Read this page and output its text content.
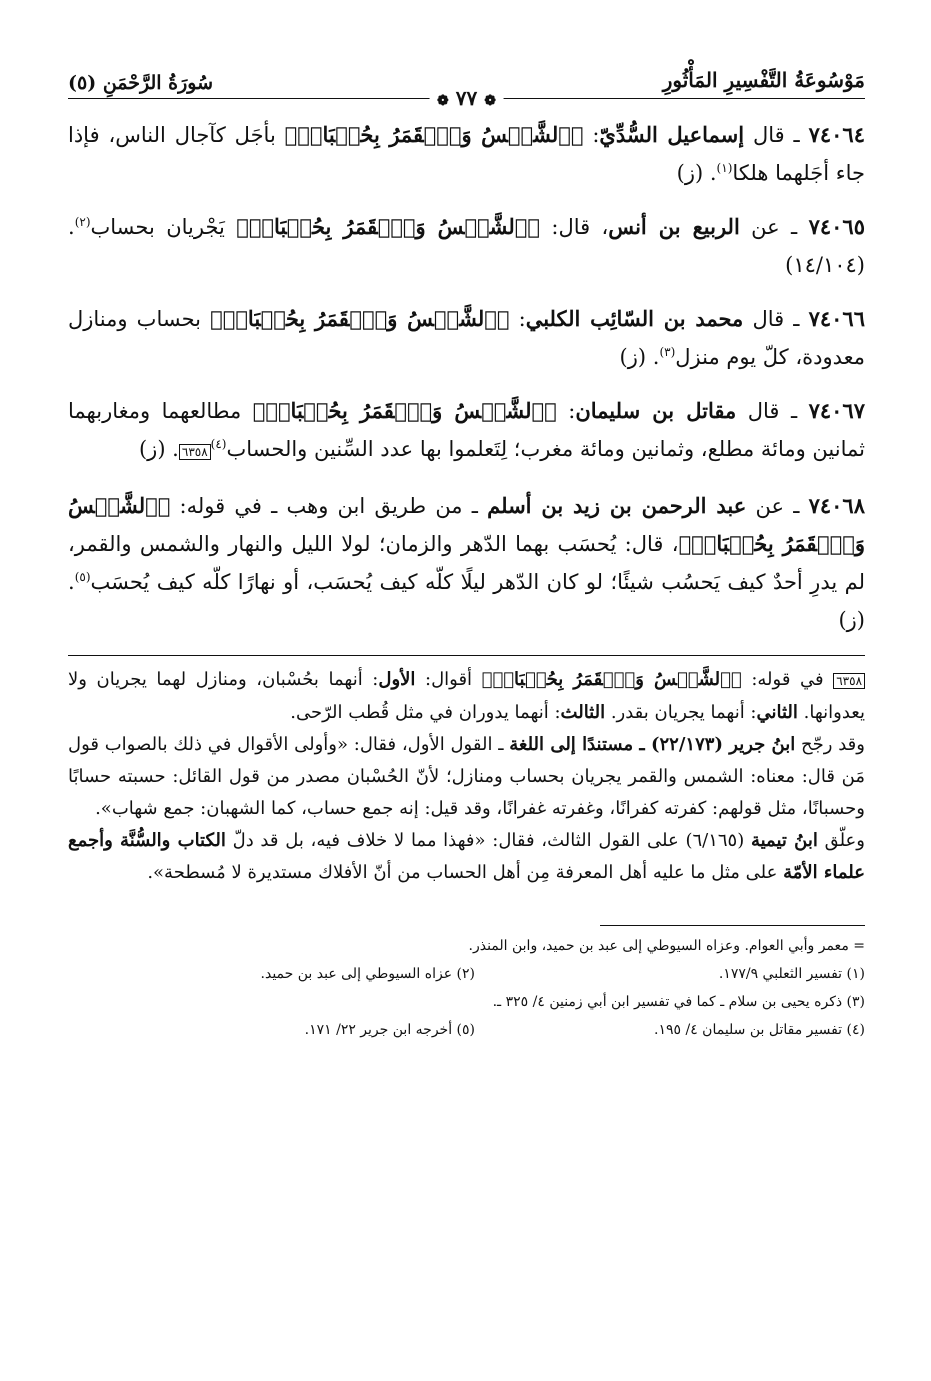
مَوْسُوعَةُ التَّفْسِيرِ المَأْثُورِ
سُورَةُ الرَّحْمَنِ (٥)
❁ ٧٧ ❁
٧٤٠٦٤ ـ قال إسماعيل السُّدِّيّ: ﴿ٱلشَّمۡسُ وَٱلۡقَمَرُ بِحُسۡبَانٖ﴾ بأجَل كآجال الناس، فإذا جاء أجَلهما هلكا$^{(١)}$. (ز)
٧٤٠٦٥ ـ عن الربيع بن أنس، قال: ﴿ٱلشَّمۡسُ وَٱلۡقَمَرُ بِحُسۡبَانٖ﴾ يَجْريان بحساب$^{(٢)}$. (١٤/١٠٤)
٧٤٠٦٦ ـ قال محمد بن السّائِب الكلبي: ﴿ٱلشَّمۡسُ وَٱلۡقَمَرُ بِحُسۡبَانٖ﴾ بحساب ومنازل معدودة، كلّ يوم منزل$^{(٣)}$. (ز)
٧٤٠٦٧ ـ قال مقاتل بن سليمان: ﴿ٱلشَّمۡسُ وَٱلۡقَمَرُ بِحُسۡبَانٖ﴾ مطالعهما ومغاربهما ثمانين ومائة مطلع، وثمانين ومائة مغرب؛ لِتَعلموا بها عدد السِّنين والحساب$^{(٤)}$٦٣٥٨. (ز)
٧٤٠٦٨ ـ عن عبد الرحمن بن زيد بن أسلم ـ من طريق ابن وهب ـ في قوله: ﴿ٱلشَّمۡسُ وَٱلۡقَمَرُ بِحُسۡبَانٖ﴾، قال: يُحسَب بهما الدّهر والزمان؛ لولا الليل والنهار والشمس والقمر، لم يدرِ أحدٌ كيف يَحسُب شيئًا؛ لو كان الدّهر ليلًا كلّه كيف يُحسَب، أو نهارًا كلّه كيف يُحسَب$^{(٥)}$. (ز)

٦٣٥٨ في قوله: ﴿ٱلشَّمۡسُ وَٱلۡقَمَرُ بِحُسۡبَانٖ﴾ أقوال: الأول: أنهما بحُسْبان، ومنازل لهما يجريان ولا يعدوانها. الثاني: أنهما يجريان بقدر. الثالث: أنهما يدوران في مثل قُطب الرّحى.

وقد رجّح ابنُ جرير (٢٢/١٧٣) ـ مستندًا إلى اللغة ـ القول الأول، فقال: «وأولى الأقوال في ذلك بالصواب قول مَن قال: معناه: الشمس والقمر يجريان بحساب ومنازل؛ لأنّ الحُسْبان مصدر من قول القائل: حسبته حسابًا وحسبانًا، مثل قولهم: كفرته كفرانًا، وغفرته غفرانًا، وقد قيل: إنه جمع حساب، كما الشهبان: جمع شهاب».

وعلّق ابنُ تيمية (٦/١٦٥) على القول الثالث، فقال: «فهذا مما لا خلاف فيه، بل قد دلّ الكتاب والسُّنَّة وأجمع علماء الأمّة على مثل ما عليه أهل المعرفة مِن أهل الحساب من أنّ الأفلاك مستديرة لا مُسطحة».

= معمر وأبي العوام. وعزاه السيوطي إلى عبد بن حميد، وابن المنذر.
(١) تفسير الثعلبي ١٧٧/٩.
(٢) عزاه السيوطي إلى عبد بن حميد.
(٣) ذكره يحيى بن سلام ـ كما في تفسير ابن أبي زمنين ٤/ ٣٢٥ ـ.
(٤) تفسير مقاتل بن سليمان ٤/ ١٩٥.
(٥) أخرجه ابن جرير ٢٢/ ١٧١.
